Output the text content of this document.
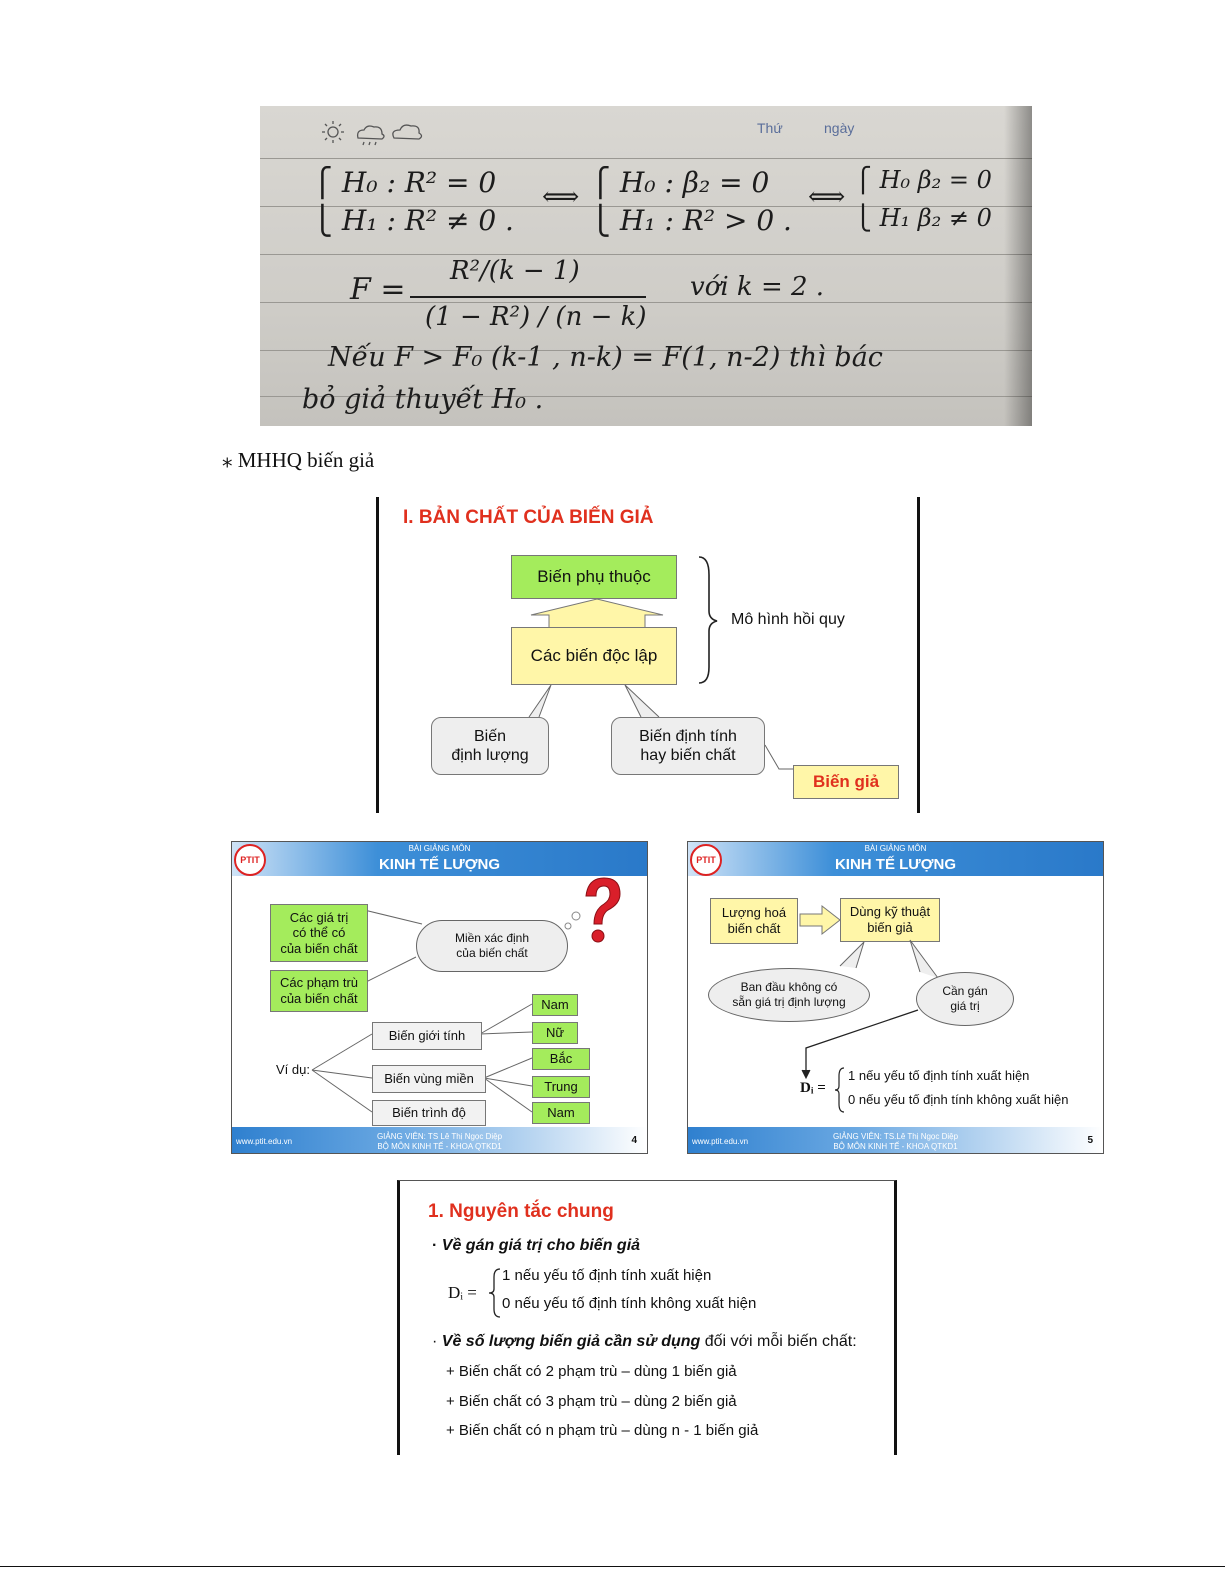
Thứ	ngày
⎧ H₀ : R² = 0
⎩ H₁ : R² ≠ 0 .
⟺ ⎧ H₀ : β₂ = 0
⎩ H₁ : R² > 0 .
⟺
⎧ H₀ β₂ = 0
⎩ H₁ β₂ ≠ 0
F =
R²/(k − 1)
(1 − R²) / (n − k)
với k = 2 .
Nếu F > F₀ (k-1 , n-k) = F(1, n-2) thì bác
bỏ giả thuyết H₀ .
⁎ MHHQ biến giả
I. BẢN CHẤT CỦA BIẾN GIẢ
Biến phụ thuộc
Các biến độc lập
Mô hình hồi quy
Biến
định lượng
Biến định tính
hay biến chất
Biến giả
BÀI GIẢNG MÔN
KINH TẾ LƯỢNG
PTIT
Các giá trị
có thể có
của biến chất
Các phạm trù
của biến chất
Miền xác định
của biến chất
Ví dụ:
Biến giới tính
Biến vùng miền
Biến trình độ
Nam
Nữ
Bắc
Trung
Nam
www.ptit.edu.vn
GIẢNG VIÊN: TS Lê Thị Ngọc Diệp
BỘ MÔN KINH TẾ - KHOA QTKD1
4
BÀI GIẢNG MÔN
KINH TẾ LƯỢNG
PTIT
Lượng hoá
biến chất
Dùng kỹ thuật
biến giả
Ban đầu không có
sẵn giá trị định lượng
Cần gán
giá trị
Dᵢ =
1 nếu yếu tố định tính xuất hiện
0 nếu yếu tố định tính không xuất hiện
www.ptit.edu.vn
GIẢNG VIÊN: TS.Lê Thị Ngọc Diệp
BỘ MÔN KINH TẾ - KHOA QTKD1
5
1. Nguyên tắc chung
· Về gán giá trị cho biến giả
Dᵢ =
1 nếu yếu tố định tính xuất hiện
0 nếu yếu tố định tính không xuất hiện
· Về số lượng biến giả cần sử dụng đối với mỗi biến chất:
+ Biến chất có 2 phạm trù – dùng 1 biến giả
+ Biến chất có 3 phạm trù – dùng 2 biến giả
+ Biến chất có n phạm trù – dùng n - 1 biến giả
